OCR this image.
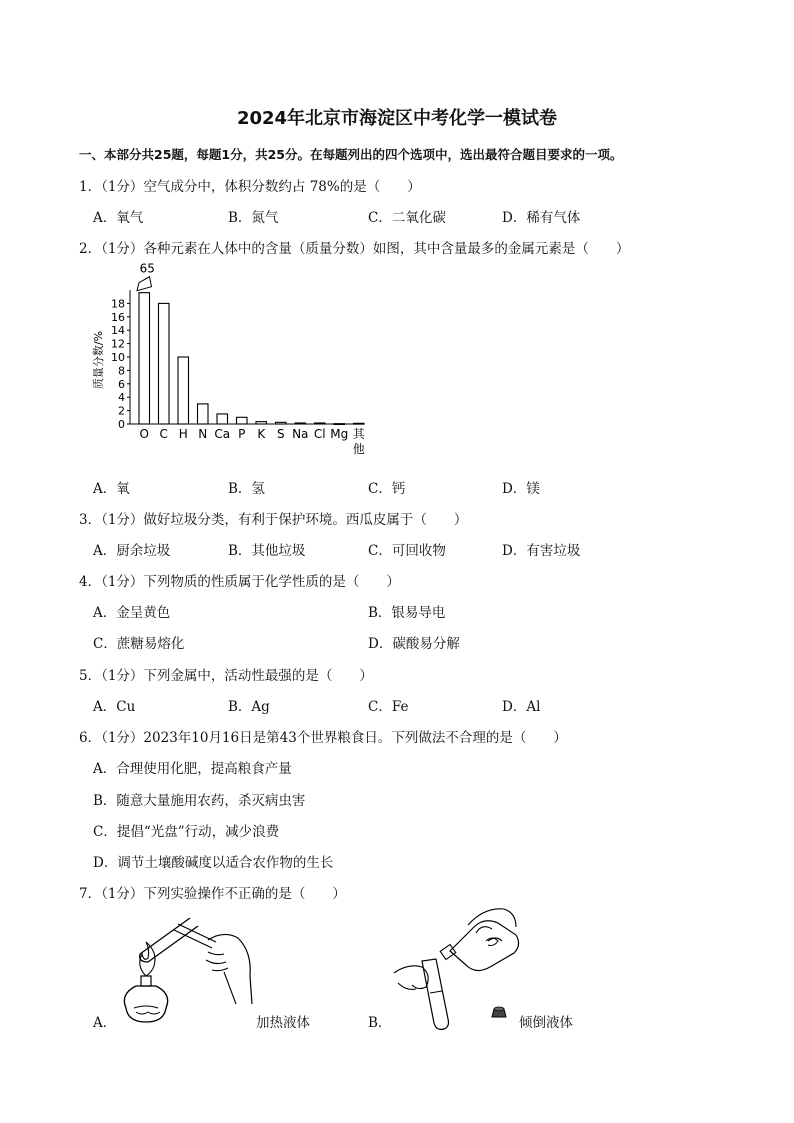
2024年北京市海淀区中考化学一模试卷
一、本部分共25题，每题1分，共25分。在每题列出的四个选项中，选出最符合题目要求的一项。
1．（1分）空气成分中，体积分数约占 78%的是（　　）
A．氧气	B．氮气	C．二氧化碳	D．稀有气体
2．（1分）各种元素在人体中的含量（质量分数）如图，其中含量最多的金属元素是（　　）
质量分数/%
0
2
4
6
8
10
12
14
16
18
65
O C H N Ca P K S Na Cl Mg 其
他
A．氧	B．氢	C．钙	D．镁
3．（1分）做好垃圾分类，有利于保护环境。西瓜皮属于（　　）
A．厨余垃圾	B．其他垃圾	C．可回收物	D．有害垃圾
4．（1分）下列物质的性质属于化学性质的是（　　）
A．金呈黄色	B．银易导电
C．蔗糖易熔化	D．碳酸易分解
5．（1分）下列金属中，活动性最强的是（　　）
A．Cu	B．Ag	C．Fe	D．Al
6．（1分）2023年10月16日是第43个世界粮食日。下列做法不合理的是（　　）
A．合理使用化肥，提高粮食产量
B．随意大量施用农药，杀灭病虫害
C．提倡“光盘”行动，减少浪费
D．调节土壤酸碱度以适合农作物的生长
7．（1分）下列实验操作不正确的是（　　）
A．	加热液体	B．	倾倒液体
